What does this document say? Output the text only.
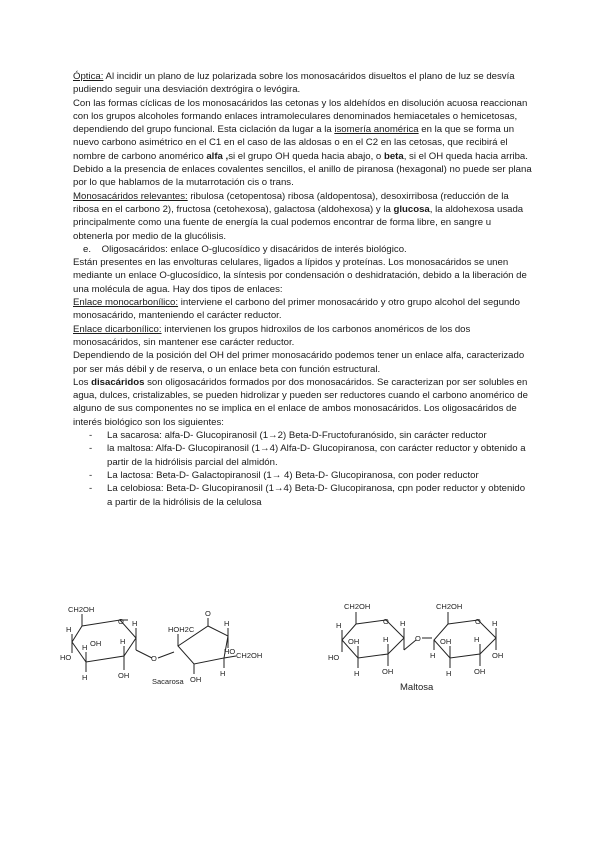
Óptica: Al incidir un plano de luz polarizada sobre los monosacáridos disueltos el plano de luz se desvía pudiendo seguir una desviación dextrógira o levógira.

Con las formas cíclicas de los monosacáridos las cetonas y los aldehídos en disolución acuosa reaccionan con los grupos alcoholes formando enlaces intramoleculares denominados hemiacetales o hemicetosas, dependiendo del grupo funcional. Esta ciclación da lugar a la isomería anomérica en la que se forma un nuevo carbono asimétrico en el C1 en el caso de las aldosas o en el C2 en las cetosas, que recibirá el nombre de carbono anomérico alfa ,si el grupo OH queda hacia abajo, o beta, si el OH queda hacia arriba.

Debido a la presencia de enlaces covalentes sencillos, el anillo de piranosa (hexagonal) no puede ser plana por lo que hablamos de la mutarrotación cis o trans.

Monosacáridos relevantes: ribulosa (cetopentosa) ribosa (aldopentosa), desoxirribosa (reducción de la ribosa en el carbono 2), fructosa (cetohexosa), galactosa (aldohexosa) y la glucosa, la aldohexosa usada principalmente como una fuente de energía la cual podemos encontrar de forma libre, en sangre u obtenerla por medio de la glucólisis.

e.    Oligosacáridos: enlace O-glucosídico y disacáridos de interés biológico.

Están presentes en las envolturas celulares, ligados a lípidos y proteínas. Los monosacáridos se unen mediante un enlace O-glucosídico, la síntesis por condensación o deshidratación, debido a la liberación de una molécula de agua. Hay dos tipos de enlaces:

Enlace monocarbonílico: interviene el carbono del primer monosacárido y otro grupo alcohol del segundo monosacárido, manteniendo el carácter reductor.

Enlace dicarbonílico: intervienen los grupos hidroxilos de los carbonos anoméricos de los dos monosacáridos, sin mantener ese carácter reductor.

Dependiendo de la posición del OH del primer monosacárido podemos tener un enlace alfa, caracterizado por ser más débil y de reserva, o un enlace beta con función estructural.

Los disacáridos son oligosacáridos formados por dos monosacáridos. Se caracterizan por ser solubles en agua, dulces, cristalizables, se pueden hidrolizar y pueden ser reductores cuando el carbono anomérico de alguno de sus componentes no se implica en el enlace de ambos monosacáridos. Los oligosacáridos de interés biológico son los siguientes:

- La sacarosa: alfa-D- Glucopiranosil (1→2) Beta-D-Fructofuranósido, sin carácter reductor
- la maltosa: Alfa-D- Glucopiranosil (1→4) Alfa-D- Glucopiranosa, con carácter reductor y obtenido a partir de la hidrólisis parcial del almidón.
- La lactosa: Beta-D- Galactopiranosil (1→ 4) Beta-D- Glucopiranosa, con poder reductor
- La celobiosa: Beta-D- Glucopiranosil (1→4) Beta-D- Glucopiranosa, cpn poder reductor y obtenido a partir de la hidrólisis de la celulosa
CH2OH
O
H
H OH
HO
H
H
OH
H
O
HOH2C
O
H
HO
OH
H
CH2OH
Sacarosa
CH2OH
O
H
OH
HO
H
H
OH
H
O
CH2OH
O
H
OH
H
H
OH
H
OH
Maltosa
